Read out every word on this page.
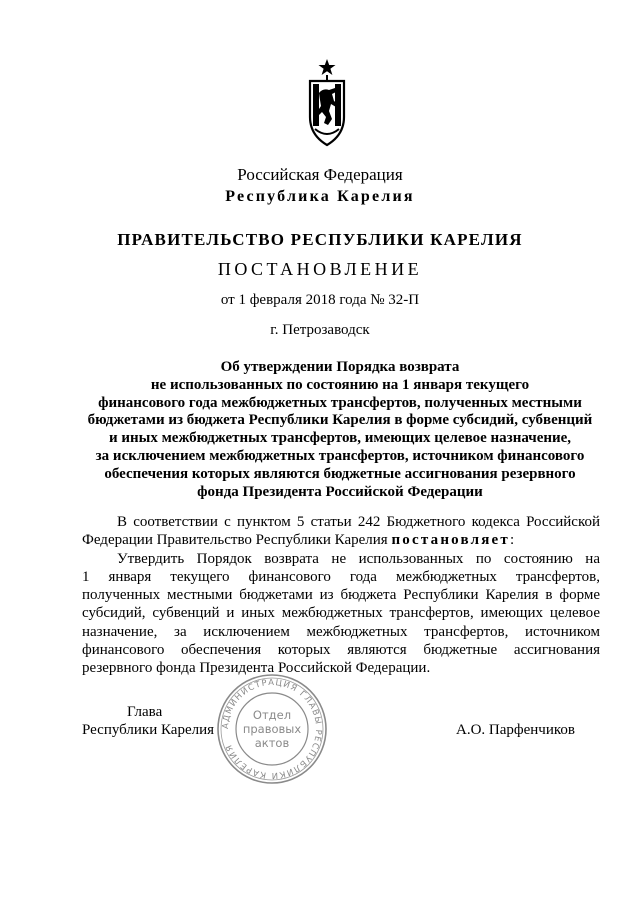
Российская Федерация
Республика Карелия
ПРАВИТЕЛЬСТВО РЕСПУБЛИКИ КАРЕЛИЯ
ПОСТАНОВЛЕНИЕ
от 1 февраля 2018 года № 32-П
г. Петрозаводск
Об утверждении Порядка возврата
не использованных по состоянию на 1 января текущего
финансового года межбюджетных трансфертов, полученных местными
бюджетами из бюджета Республики Карелия в форме субсидий, субвенций
и иных межбюджетных трансфертов, имеющих целевое назначение,
за исключением межбюджетных трансфертов, источником финансового
обеспечения которых являются бюджетные ассигнования резервного
фонда Президента Российской Федерации
В соответствии с пунктом 5 статьи 242 Бюджетного кодекса Российской
Федерации Правительство Республики Карелия постановляет:
Утвердить Порядок возврата не использованных по состоянию на
1 января текущего финансового года межбюджетных трансфертов,
полученных местными бюджетами из бюджета Республики Карелия в форме
субсидий, субвенций и иных межбюджетных трансфертов, имеющих целевое
назначение, за исключением межбюджетных трансфертов, источником
финансового обеспечения которых являются бюджетные ассигнования
резервного фонда Президента Российской Федерации.
Глава
Республики Карелия	А.О. Парфенчиков
АДМИНИСТРАЦИЯ ГЛАВЫ РЕСПУБЛИКИ КАРЕЛИЯ
Отдел
правовых
актов
